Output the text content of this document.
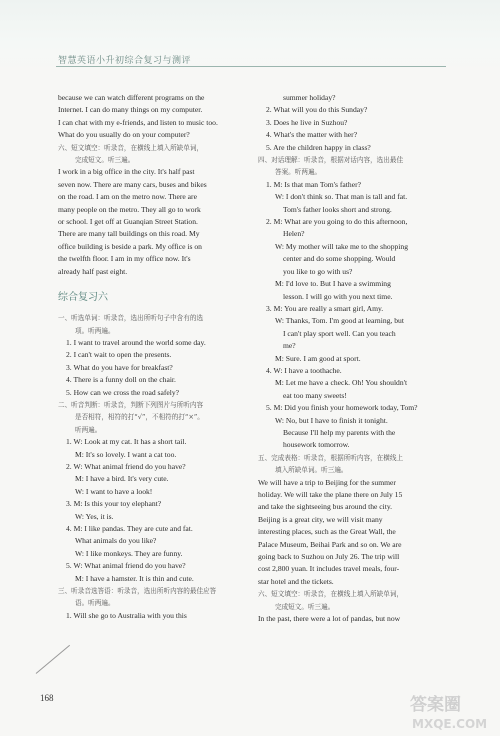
智慧英语小升初综合复习与测评
because we can watch different programs on the
Internet. I can do many things on my computer.
I can chat with my e-friends, and listen to music too.
What do you usually do on your computer?
六、短文填空：听录音，在横线上填入所缺单词，
完成短文。听三遍。
I work in a big office in the city. It's half past
seven now. There are many cars, buses and bikes
on the road. I am on the metro now. There are
many people on the metro. They all go to work
or school. I get off at Guanqian Street Station.
There are many tall buildings on this road. My
office building is beside a park. My office is on
the twelfth floor. I am in my office now. It's
already half past eight.
综合复习六
一、听选单词：听录音，选出所听句子中含有的选
项。听两遍。
1. I want to travel around the world some day.
2. I can't wait to open the presents.
3. What do you have for breakfast?
4. There is a funny doll on the chair.
5. How can we cross the road safely?
二、听音判断：听录音，判断下列图片与所听内容
是否相符，相符的打“√”，不相符的打“×”。
听两遍。
1. W: Look at my cat. It has a short tail.
M: It's so lovely. I want a cat too.
2. W: What animal friend do you have?
M: I have a bird. It's very cute.
W: I want to have a look!
3. M: Is this your toy elephant?
W: Yes, it is.
4. M: I like pandas. They are cute and fat.
What animals do you like?
W: I like monkeys. They are funny.
5. W: What animal friend do you have?
M: I have a hamster. It is thin and cute.
三、听录音选答语：听录音，选出所听内容的最佳应答
语。听两遍。
1. Will she go to Australia with you this
summer holiday?
2. What will you do this Sunday?
3. Does he live in Suzhou?
4. What's the matter with her?
5. Are the children happy in class?
四、对话理解：听录音，根据对话内容，选出最佳
答案。听两遍。
1. M: Is that man Tom's father?
W: I don't think so. That man is tall and fat.
Tom's father looks short and strong.
2. M: What are you going to do this afternoon,
Helen?
W: My mother will take me to the shopping
center and do some shopping. Would
you like to go with us?
M: I'd love to. But I have a swimming
lesson. I will go with you next time.
3. M: You are really a smart girl, Amy.
W: Thanks, Tom. I'm good at learning, but
I can't play sport well. Can you teach
me?
M: Sure. I am good at sport.
4. W: I have a toothache.
M: Let me have a check. Oh! You shouldn't
eat too many sweets!
5. M: Did you finish your homework today, Tom?
W: No, but I have to finish it tonight.
Because I'll help my parents with the
housework tomorrow.
五、完成表格：听录音，根据所听内容，在横线上
填入所缺单词。听三遍。
We will have a trip to Beijing for the summer
holiday. We will take the plane there on July 15
and take the sightseeing bus around the city.
Beijing is a great city, we will visit many
interesting places, such as the Great Wall, the
Palace Museum, Beihai Park and so on. We are
going back to Suzhou on July 26. The trip will
cost 2,800 yuan. It includes travel meals, four-
star hotel and the tickets.
六、短文填空：听录音，在横线上填入所缺单词，
完成短文。听三遍。
In the past, there were a lot of pandas, but now
168	答案圈
MXQE.COM
